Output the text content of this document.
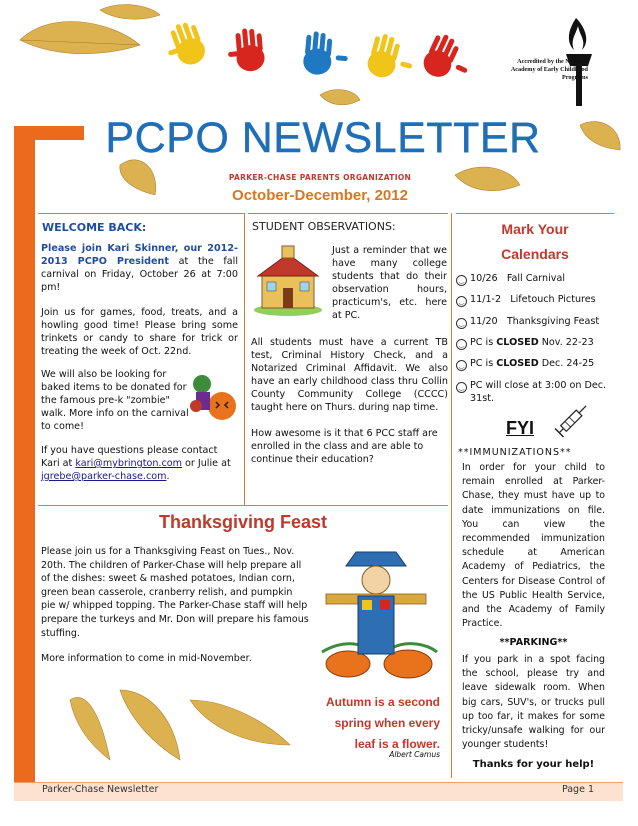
Accredited by the National Academy of Early Childhood Programs
PCPO NEWSLETTER
PARKER-CHASE PARENTS ORGANIZATION
October-December, 2012
WELCOME BACK:
Please join Kari Skinner, our 2012-2013 PCPO President at the fall carnival on Friday, October 26 at 7:00 pm!
Join us for games, food, treats, and a howling good time! Please bring some trinkets or candy to share for trick or treating the week of Oct. 22nd.
We will also be looking for baked items to be donated for the famous pre-k "zombie" walk. More info on the carnival to come!
If you have questions please contact Kari at kari@mybrington.com or Julie at jgrebe@parker-chase.com.
STUDENT OBSERVATIONS:
Just a reminder that we have many college students that do their observation hours, practicum's, etc. here at PC.
All students must have a current TB test, Criminal History Check, and a Notarized Criminal Affidavit. We also have an early childhood class thru Collin County Community College (CCCC) taught here on Thurs. during nap time.
How awesome is it that 6 PCC staff are enrolled in the class and are able to continue their education?
Mark Your
Calendars
‿ 10/26 Fall Carnival
‿ 11/1-2 Lifetouch Pictures
‿ 11/20 Thanksgiving Feast
‿ PC is CLOSED Nov. 22-23
‿ PC is CLOSED Dec. 24-25
‿ PC will close at 3:00 on Dec.
31st.
FYI
**IMMUNIZATIONS**
In order for your child to remain enrolled at Parker-Chase, they must have up to date immunizations on file. You can view the recommended immunization schedule at American Academy of Pediatrics, the Centers for Disease Control of the US Public Health Service, and the Academy of Family Practice.
**PARKING**
If you park in a spot facing the school, please try and leave sidewalk room. When big cars, SUV's, or trucks pull up too far, it makes for some tricky/unsafe walking for our younger students!
Thanks for your help!
Thanksgiving Feast
Please join us for a Thanksgiving Feast on Tues., Nov. 20th. The children of Parker-Chase will help prepare all of the dishes: sweet & mashed potatoes, Indian corn, green bean casserole, cranberry relish, and pumpkin pie w/ whipped topping. The Parker-Chase staff will help prepare the turkeys and Mr. Don will prepare his famous stuffing.
More information to come in mid-November.
Autumn is a second
spring when every
leaf is a flower.
Albert Camus
Parker-Chase Newsletter	Page 1
